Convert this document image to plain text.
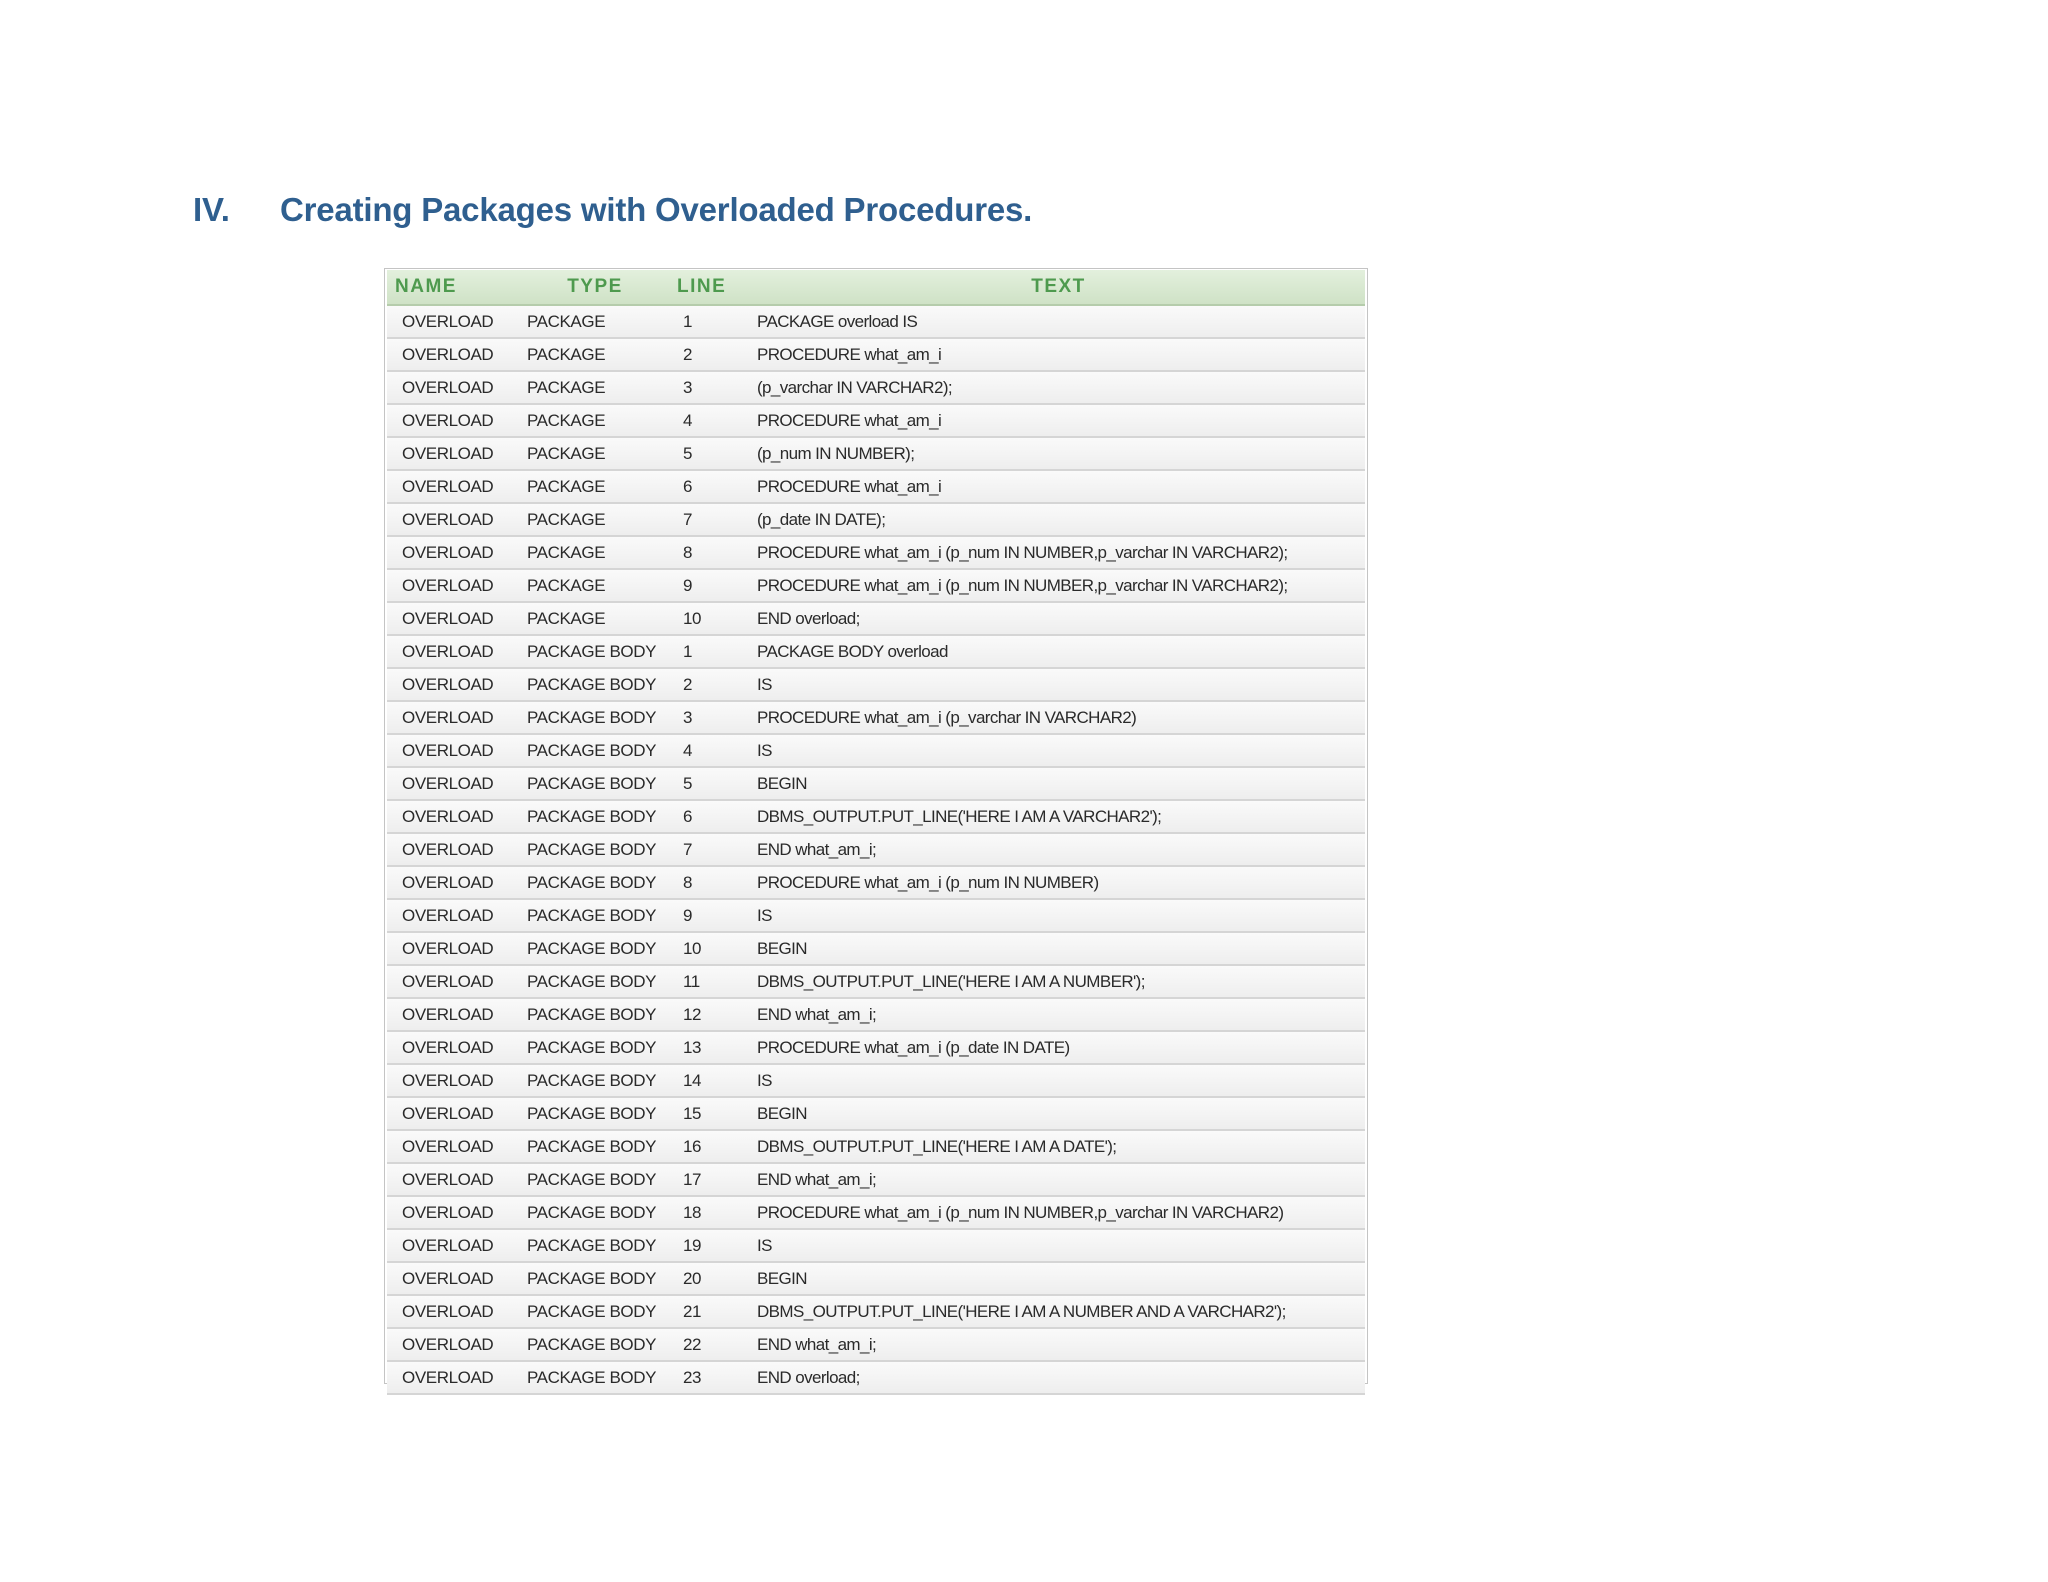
IV.	Creating Packages with Overloaded Procedures.
NAME	TYPE	LINE	TEXT
OVERLOAD	PACKAGE	1	PACKAGE overload IS
OVERLOAD	PACKAGE	2	PROCEDURE what_am_i
OVERLOAD	PACKAGE	3	(p_varchar IN VARCHAR2);
OVERLOAD	PACKAGE	4	PROCEDURE what_am_i
OVERLOAD	PACKAGE	5	(p_num IN NUMBER);
OVERLOAD	PACKAGE	6	PROCEDURE what_am_i
OVERLOAD	PACKAGE	7	(p_date IN DATE);
OVERLOAD	PACKAGE	8	PROCEDURE what_am_i (p_num IN NUMBER,p_varchar IN VARCHAR2);
OVERLOAD	PACKAGE	9	PROCEDURE what_am_i (p_num IN NUMBER,p_varchar IN VARCHAR2);
OVERLOAD	PACKAGE	10	END overload;
OVERLOAD	PACKAGE BODY	1	PACKAGE BODY overload
OVERLOAD	PACKAGE BODY	2	IS
OVERLOAD	PACKAGE BODY	3	PROCEDURE what_am_i (p_varchar IN VARCHAR2)
OVERLOAD	PACKAGE BODY	4	IS
OVERLOAD	PACKAGE BODY	5	BEGIN
OVERLOAD	PACKAGE BODY	6	DBMS_OUTPUT.PUT_LINE('HERE I AM A VARCHAR2');
OVERLOAD	PACKAGE BODY	7	END what_am_i;
OVERLOAD	PACKAGE BODY	8	PROCEDURE what_am_i (p_num IN NUMBER)
OVERLOAD	PACKAGE BODY	9	IS
OVERLOAD	PACKAGE BODY	10	BEGIN
OVERLOAD	PACKAGE BODY	11	DBMS_OUTPUT.PUT_LINE('HERE I AM A NUMBER');
OVERLOAD	PACKAGE BODY	12	END what_am_i;
OVERLOAD	PACKAGE BODY	13	PROCEDURE what_am_i (p_date IN DATE)
OVERLOAD	PACKAGE BODY	14	IS
OVERLOAD	PACKAGE BODY	15	BEGIN
OVERLOAD	PACKAGE BODY	16	DBMS_OUTPUT.PUT_LINE('HERE I AM A DATE');
OVERLOAD	PACKAGE BODY	17	END what_am_i;
OVERLOAD	PACKAGE BODY	18	PROCEDURE what_am_i (p_num IN NUMBER,p_varchar IN VARCHAR2)
OVERLOAD	PACKAGE BODY	19	IS
OVERLOAD	PACKAGE BODY	20	BEGIN
OVERLOAD	PACKAGE BODY	21	DBMS_OUTPUT.PUT_LINE('HERE I AM A NUMBER AND A VARCHAR2');
OVERLOAD	PACKAGE BODY	22	END what_am_i;
OVERLOAD	PACKAGE BODY	23	END overload;
